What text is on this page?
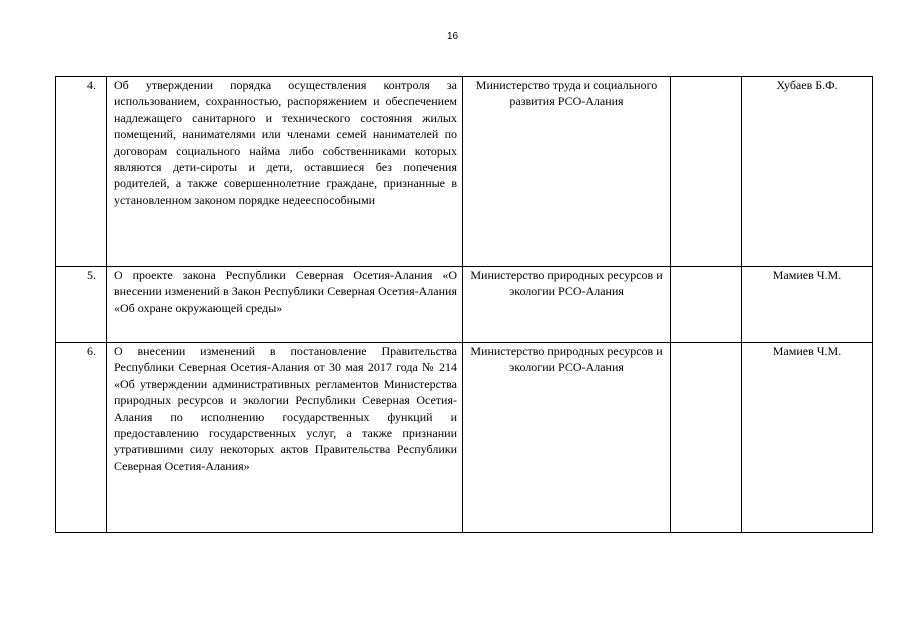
16
4.	Об утверждении порядка осуществления контроля за использованием, сохранностью, распоряжением и обеспечением надлежащего санитарного и технического состояния жилых помещений, нанимателями или членами семей нанимателей по договорам социального найма либо собственниками которых являются дети-сироты и дети, оставшиеся без попечения родителей, а также совершеннолетние граждане, признанные в установленном законом порядке недееспособными	Министерство труда и социального развития РСО-Алания		Хубаев Б.Ф.
5.	О проекте закона Республики Северная Осетия-Алания «О внесении изменений в Закон Республики Северная Осетия-Алания «Об охране окружающей среды»	Министерство природных ресурсов и экологии РСО-Алания		Мамиев Ч.М.
6.	О внесении изменений в постановление Правительства Республики Северная Осетия-Алания от 30 мая 2017 года № 214 «Об утверждении административных регламентов Министерства природных ресурсов и экологии Республики Северная Осетия-Алания по исполнению государственных функций и предоставлению государственных услуг, а также признании утратившими силу некоторых актов Правительства Республики Северная Осетия-Алания»	Министерство природных ресурсов и экологии РСО-Алания		Мамиев Ч.М.
